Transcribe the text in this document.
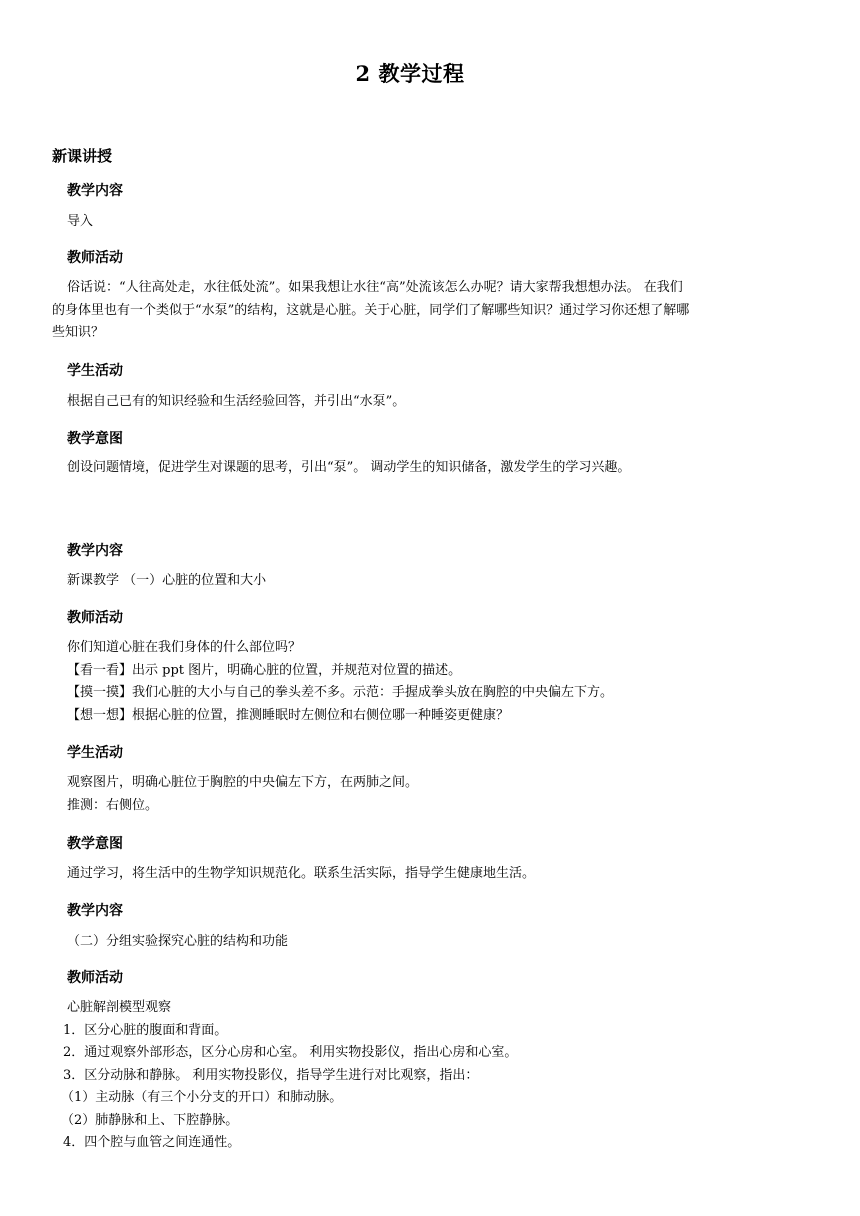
2 教学过程
新课讲授
教学内容
导入
教师活动
俗话说：“人往高处走，水往低处流”。如果我想让水往“高”处流该怎么办呢？请大家帮我想想办法。 在我们
的身体里也有一个类似于“水泵”的结构，这就是心脏。关于心脏，同学们了解哪些知识？通过学习你还想了解哪
些知识？
学生活动
根据自己已有的知识经验和生活经验回答，并引出“水泵”。
教学意图
创设问题情境，促进学生对课题的思考，引出“泵”。 调动学生的知识储备，激发学生的学习兴趣。
教学内容
新课教学 （一）心脏的位置和大小
教师活动
你们知道心脏在我们身体的什么部位吗？
【看一看】出示 ppt 图片，明确心脏的位置，并规范对位置的描述。
【摸一摸】我们心脏的大小与自己的拳头差不多。示范：手握成拳头放在胸腔的中央偏左下方。
【想一想】根据心脏的位置，推测睡眠时左侧位和右侧位哪一种睡姿更健康？
学生活动
观察图片，明确心脏位于胸腔的中央偏左下方，在两肺之间。
推测：右侧位。
教学意图
通过学习，将生活中的生物学知识规范化。联系生活实际，指导学生健康地生活。
教学内容
（二）分组实验探究心脏的结构和功能
教师活动
心脏解剖模型观察
1．区分心脏的腹面和背面。
2．通过观察外部形态，区分心房和心室。 利用实物投影仪，指出心房和心室。
3．区分动脉和静脉。 利用实物投影仪，指导学生进行对比观察，指出：
（1）主动脉（有三个小分支的开口）和肺动脉。
（2）肺静脉和上、下腔静脉。
4．四个腔与血管之间连通性。
